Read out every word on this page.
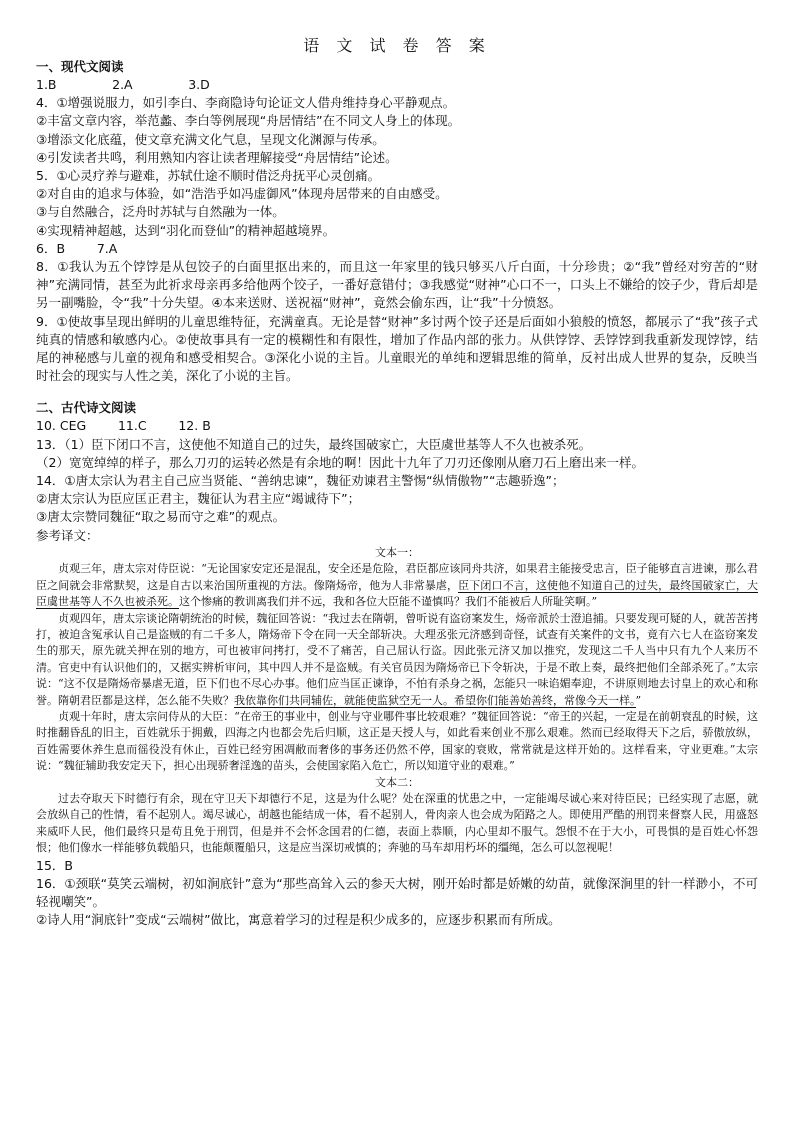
语 文 试 卷 答 案
一、现代文阅读
1.B              2.A              3.D
4．①增强说服力，如引李白、李商隐诗句论证文人借舟维持身心平静观点。
②丰富文章内容，举范蠡、李白等例展现“舟居情结”在不同文人身上的体现。
③增添文化底蕴，使文章充满文化气息，呈现文化渊源与传承。
④引发读者共鸣，利用熟知内容让读者理解接受“舟居情结”论述。
5．①心灵疗养与避难，苏轼仕途不顺时借泛舟抚平心灵创痛。
②对自由的追求与体验，如“浩浩乎如冯虚御风”体现舟居带来的自由感受。
③与自然融合，泛舟时苏轼与自然融为一体。
④实现精神超越，达到“羽化而登仙”的精神超越境界。
6．B        7.A
8．①我认为五个饽饽是从包饺子的白面里抠出来的，而且这一年家里的钱只够买八斤白面，十分珍贵；②“我”曾经对穷苦的“财神”充满同情，甚至为此祈求母亲再多给他两个饺子，一番好意错付；③我感觉“财神”心口不一，口头上不嫌给的饺子少，背后却是另一副嘴脸，令“我”十分失望。④本来送财、送祝福“财神”，竟然会偷东西，让“我”十分愤怒。
9．①使故事呈现出鲜明的儿童思维特征，充满童真。无论是替“财神”多讨两个饺子还是后面如小狼般的愤怒，都展示了“我”孩子式纯真的情感和敏感内心。②使故事具有一定的模糊性和有限性，增加了作品内部的张力。从供饽饽、丢饽饽到我重新发现饽饽，结尾的神秘感与儿童的视角和感受相契合。③深化小说的主旨。儿童眼光的单纯和逻辑思维的简单，反衬出成人世界的复杂，反映当时社会的现实与人性之美，深化了小说的主旨。
二、古代诗文阅读
10. CEG        11.C        12. B
13．（1）臣下闭口不言，这使他不知道自己的过失，最终国破家亡，大臣虞世基等人不久也被杀死。
（2）宽宽绰绰的样子，那么刀刃的运转必然是有余地的啊！因此十九年了刀刃还像刚从磨刀石上磨出来一样。
14．①唐太宗认为君主自己应当贤能、“善纳忠谏”，魏征劝谏君主警惕“纵情傲物”“志趣骄逸”；
②唐太宗认为臣应匡正君主，魏征认为君主应“竭诚待下”；
③唐太宗赞同魏征“取之易而守之难”的观点。
参考译文：
文本一：
贞观三年，唐太宗对侍臣说：“无论国家安定还是混乱，安全还是危险，君臣都应该同舟共济，如果君主能接受忠言，臣子能够直言进谏，那么君臣之间就会非常默契，这是自古以来治国所重视的方法。像隋炀帝，他为人非常暴虐，臣下闭口不言，这使他不知道自己的过失，最终国破家亡，大臣虞世基等人不久也被杀死。这个惨痛的教训离我们并不远，我和各位大臣能不谨慎吗？我们不能被后人所耻笑啊。”
贞观四年，唐太宗谈论隋朝统治的时候，魏征回答说：“我过去在隋朝，曾听说有盗窃案发生，炀帝派於士澄追捕。只要发现可疑的人，就苦苦拷打，被迫含冤承认自己是盗贼的有二千多人，隋炀帝下令在同一天全部斩决。大理丞张元济感到奇怪，试查有关案件的文书，竟有六七人在盗窃案发生的那天，原先就关押在别的地方，可也被审问拷打，受不了痛苦，自己屈认行盗。因此张元济又加以推究，发现这二千人当中只有九个人来历不清。官吏中有认识他们的，又据实辨析审问，其中四人并不是盗贼。有关官员因为隋炀帝已下令斩决，于是不敢上奏，最终把他们全部杀死了。”太宗说：“这不仅是隋炀帝暴虐无道，臣下们也不尽心办事。他们应当匡正谏诤，不怕有杀身之祸，怎能只一味谄媚奉迎，不讲原则地去讨皇上的欢心和称誉。隋朝君臣都是这样，怎么能不失败？我依靠你们共同辅佐，就能使监狱空无一人。希望你们能善始善终，常像今天一样。”
贞观十年时，唐太宗问侍从的大臣：“在帝王的事业中，创业与守业哪件事比较艰难？”魏征回答说：“帝王的兴起，一定是在前朝衰乱的时候，这时推翻昏乱的旧主，百姓就乐于拥戴，四海之内也都会先后归顺，这正是天授人与，如此看来创业不那么艰难。然而已经取得天下之后，骄傲放纵，百姓需要休养生息而徭役没有休止，百姓已经穷困凋敝而奢侈的事务还仍然不停，国家的衰败，常常就是这样开始的。这样看来，守业更难。”太宗说：“魏征辅助我安定天下，担心出现骄奢淫逸的苗头，会使国家陷入危亡，所以知道守业的艰难。”
文本二：
过去夺取天下时德行有余，现在守卫天下却德行不足，这是为什么呢？处在深重的忧患之中，一定能竭尽诚心来对待臣民；已经实现了志愿，就会放纵自己的性情，看不起别人。竭尽诚心，胡越也能结成一体，看不起别人，骨肉亲人也会成为陌路之人。即使用严酷的刑罚来督察人民，用盛怒来威吓人民，他们最终只是苟且免于刑罚，但是并不会怀念国君的仁德，表面上恭顺，内心里却不服气。怨恨不在于大小，可畏惧的是百姓心怀怨恨；他们像水一样能够负载船只，也能颠覆船只，这是应当深切戒慎的；奔驰的马车却用朽坏的缰绳，怎么可以忽视呢！
15．B
16．①颈联“莫笑云端树，初如涧底针”意为“那些高耸入云的参天大树，刚开始时都是娇嫩的幼苗，就像深涧里的针一样渺小，不可轻视嘲笑”。
②诗人用“涧底针”变成“云端树”做比，寓意着学习的过程是积少成多的，应逐步积累而有所成。
